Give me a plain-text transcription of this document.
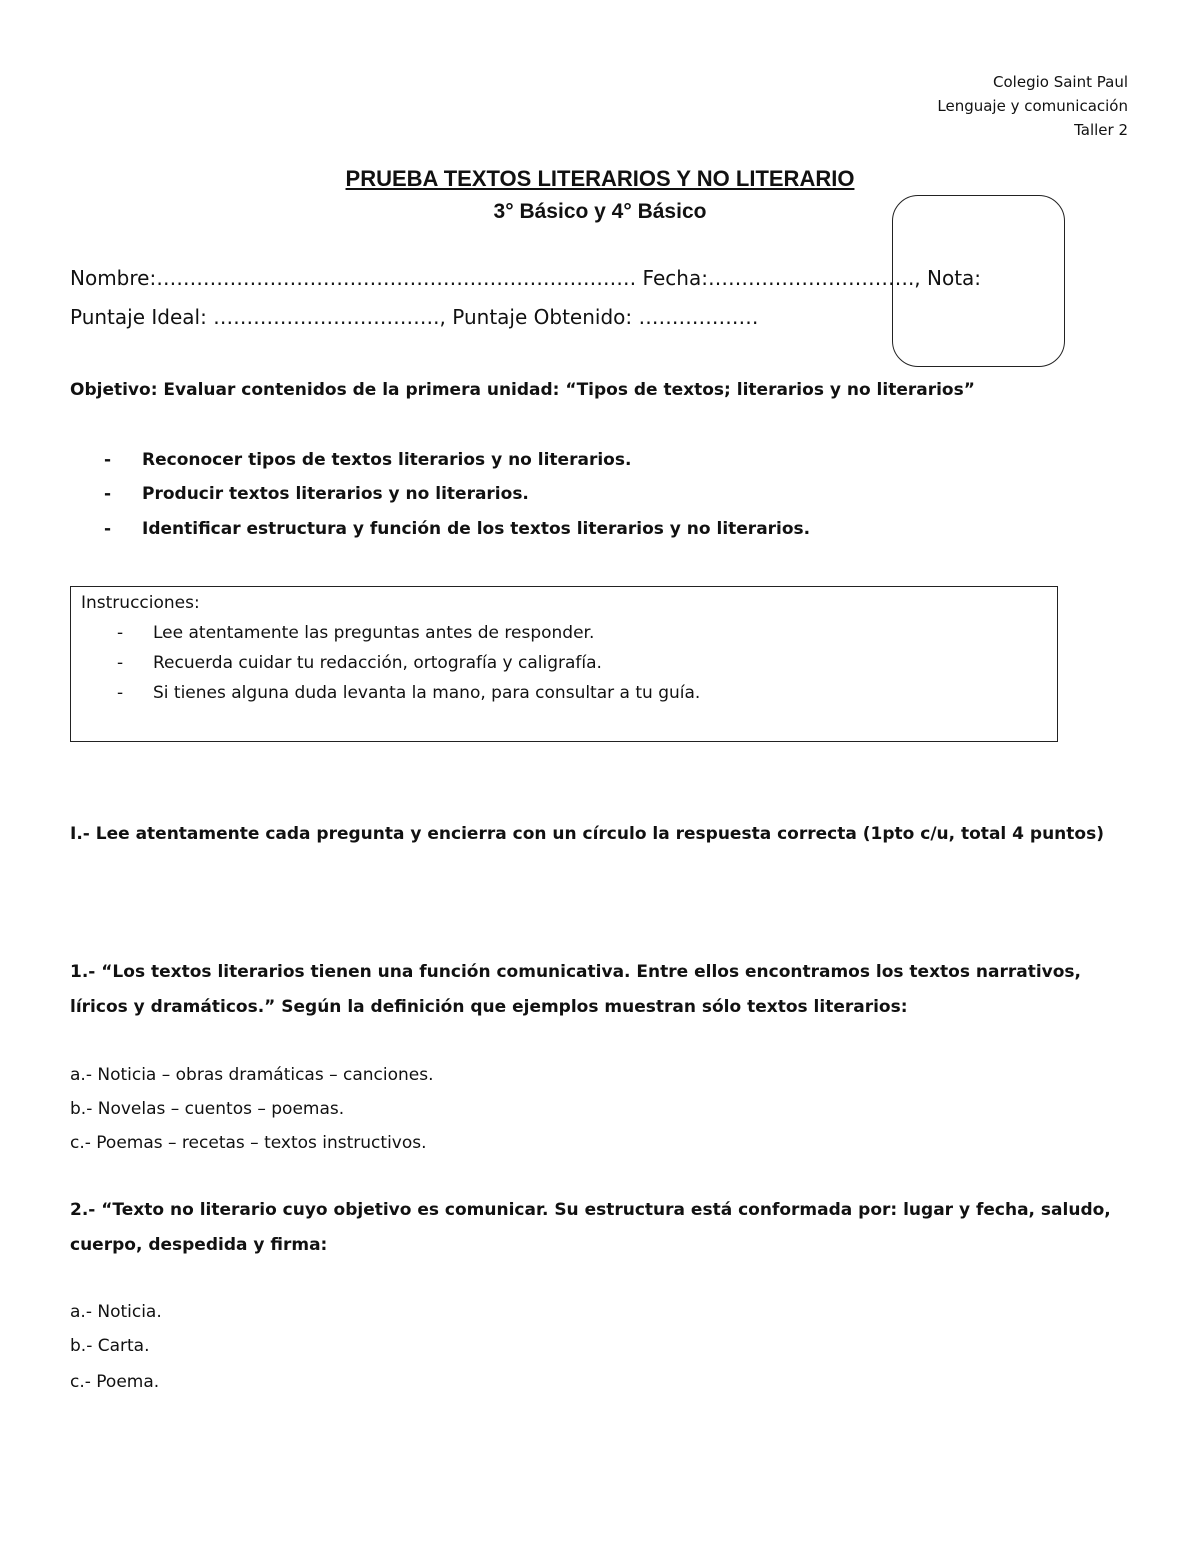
Colegio Saint Paul
Lenguaje y comunicación
Taller 2
PRUEBA TEXTOS LITERARIOS Y NO LITERARIO
3° Básico y 4° Básico
Nombre:……………………………………………………………… Fecha:…………………………., Nota:
Puntaje Ideal: ……………………………., Puntaje Obtenido: ………………
Objetivo: Evaluar contenidos de la primera unidad: “Tipos de textos; literarios y no literarios”
- Reconocer tipos de textos literarios y no literarios.
- Producir textos literarios y no literarios.
- Identificar estructura y función de los textos literarios y no literarios.
Instrucciones:
- Lee atentamente las preguntas antes de responder.
- Recuerda cuidar tu redacción, ortografía y caligrafía.
- Si tienes alguna duda levanta la mano, para consultar a tu guía.
I.- Lee atentamente cada pregunta y encierra con un círculo la respuesta correcta (1pto c/u, total 4 puntos)
1.- “Los textos literarios tienen una función comunicativa. Entre ellos encontramos los textos narrativos, líricos y dramáticos.” Según la definición que ejemplos muestran sólo textos literarios:
a.- Noticia – obras dramáticas – canciones.
b.- Novelas – cuentos – poemas.
c.- Poemas – recetas – textos instructivos.
2.- “Texto no literario cuyo objetivo es comunicar. Su estructura está conformada por: lugar y fecha, saludo, cuerpo, despedida y firma:
a.- Noticia.
b.- Carta.
c.- Poema.
